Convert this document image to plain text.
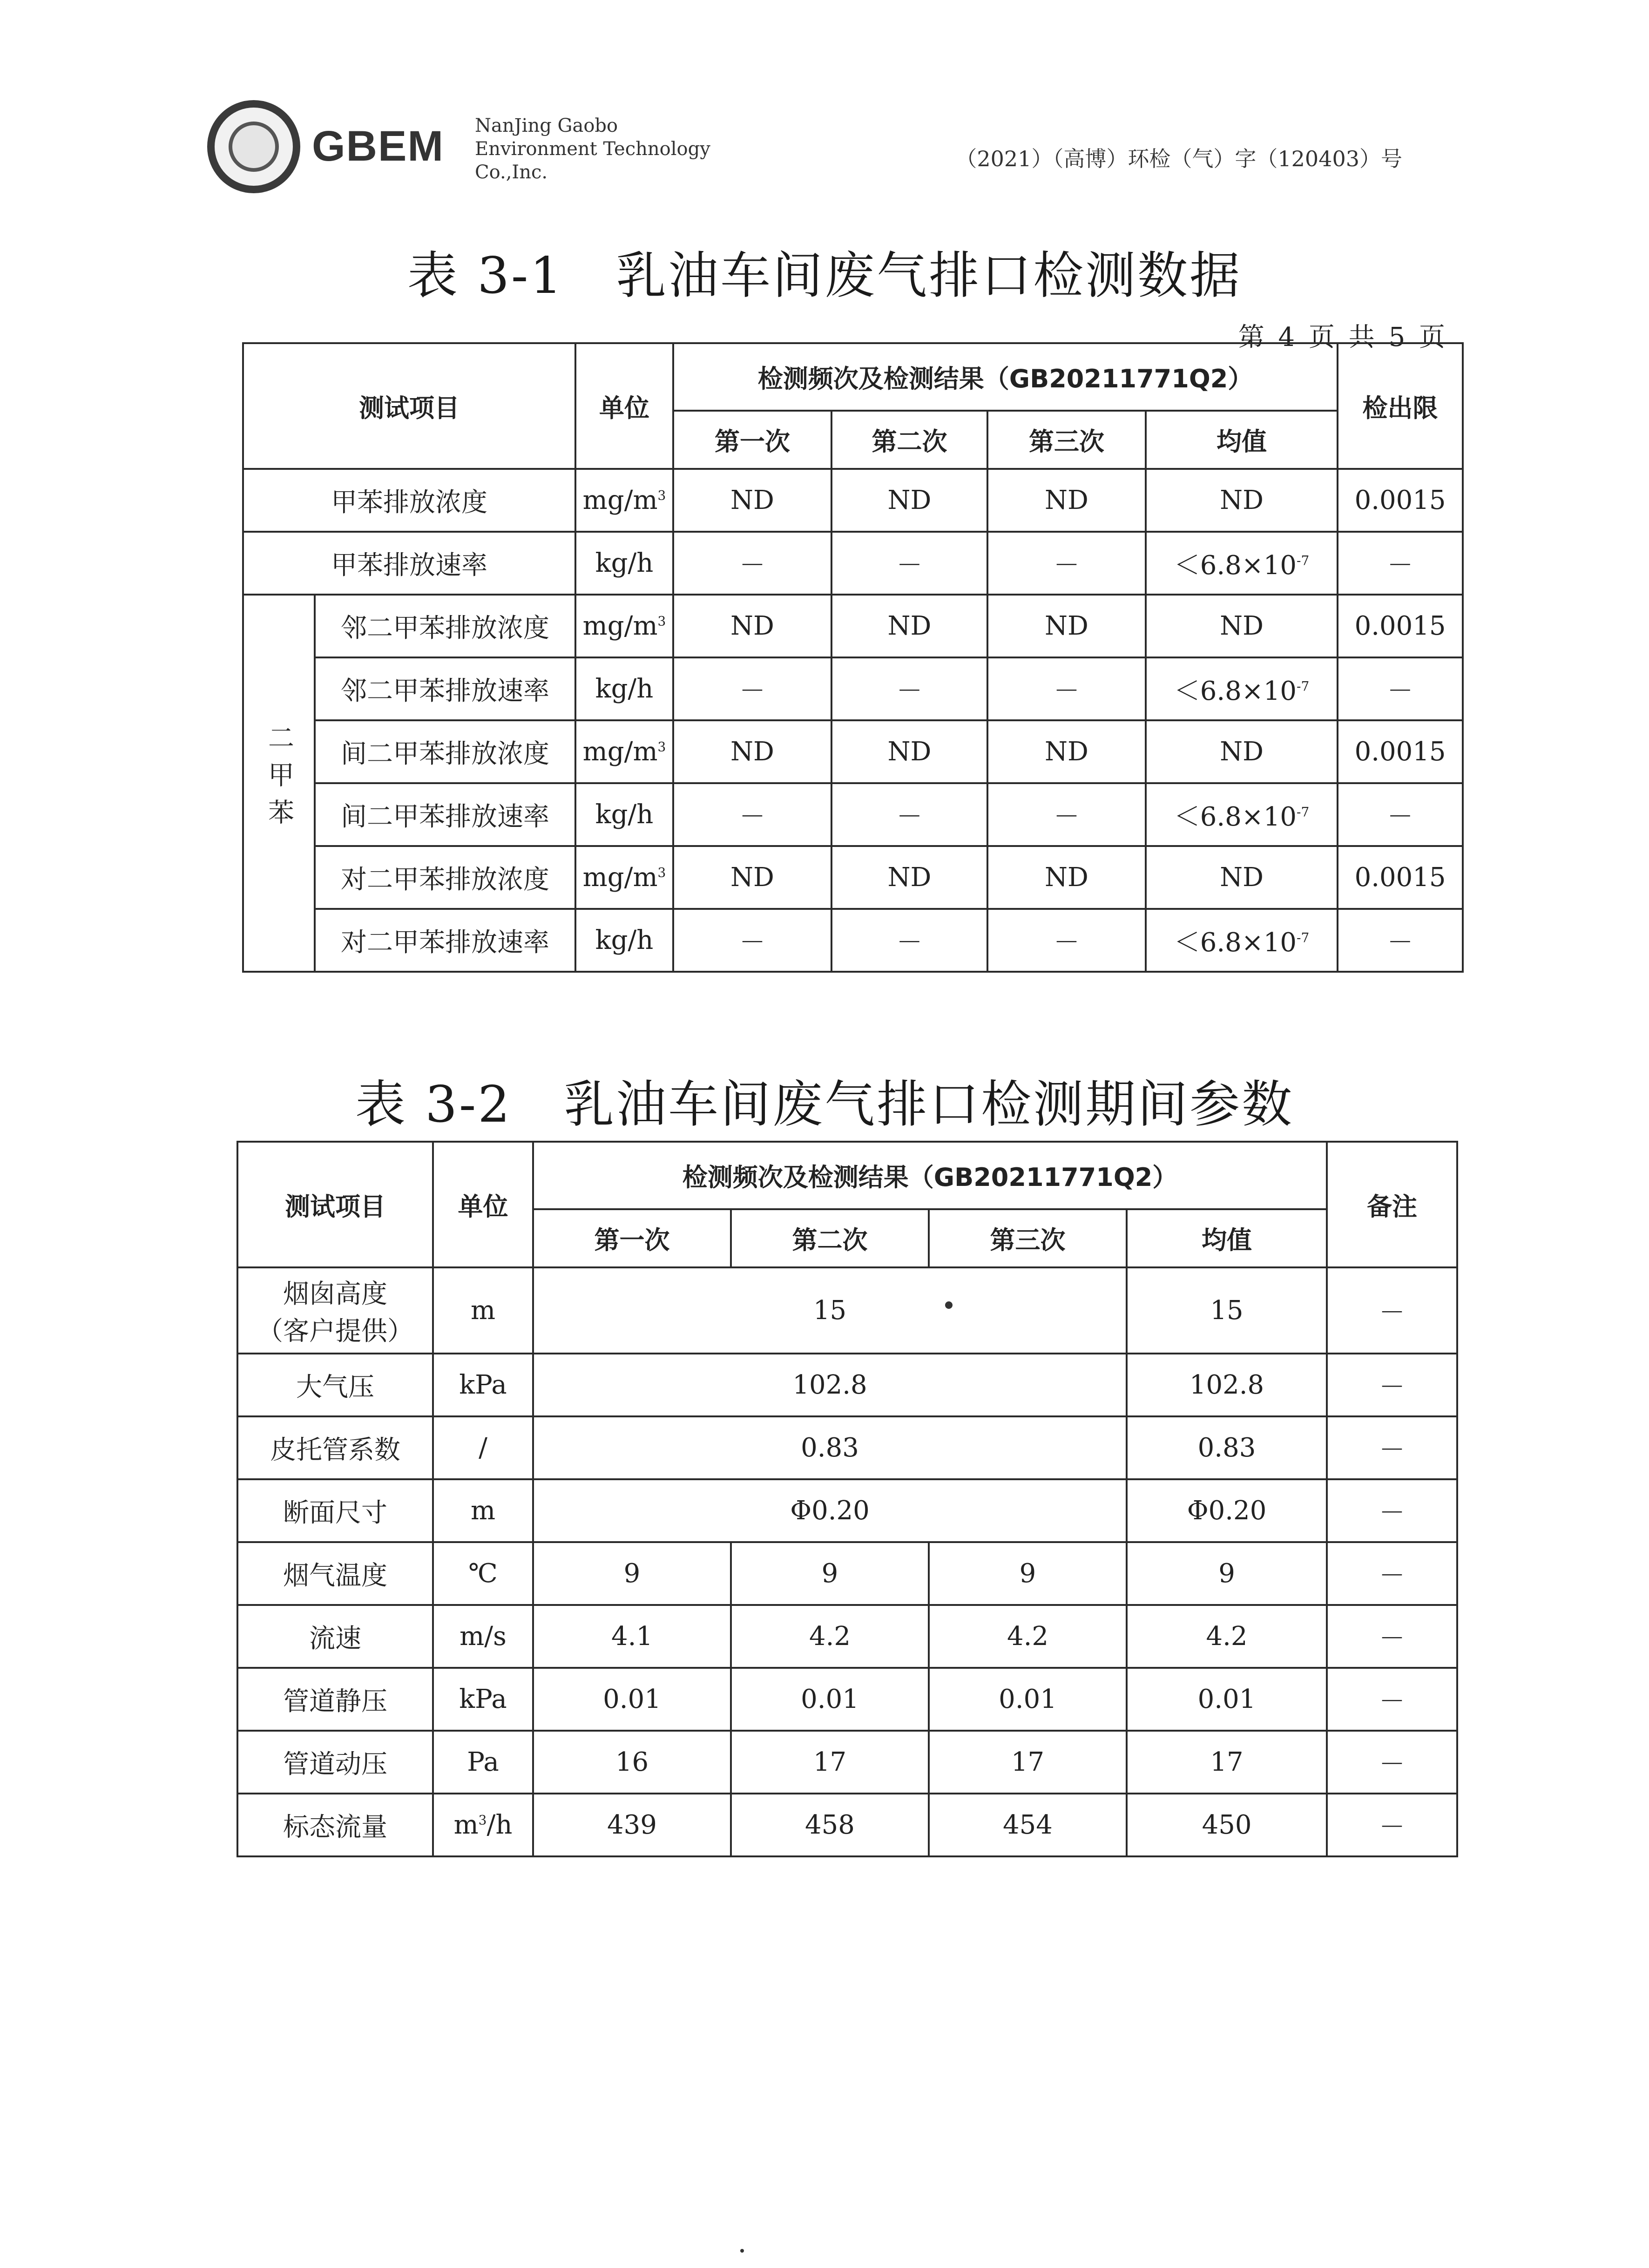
GBEM NanJing Gaobo
Environment Technology
Co.,Inc.
（2021）（高博）环检（气）字（120403）号
表 3-1　乳油车间废气排口检测数据
第 4 页 共 5 页
测试项目		单位	检测频次及检测结果（GB20211771Q2）				检出限
			第一次	第二次	第三次	均值	
甲苯排放浓度		$mg/m^3$	ND	ND	ND	ND	0.0015
甲苯排放速率		kg/h	－	－	－	$<6.8\times 10^{-7}$	－
二甲苯	邻二甲苯排放浓度	$mg/m^3$	ND	ND	ND	ND	0.0015
	邻二甲苯排放速率	kg/h	－	－	－	$<6.8\times 10^{-7}$	－
	间二甲苯排放浓度	$mg/m^3$	ND	ND	ND	ND	0.0015
	间二甲苯排放速率	kg/h	－	－	－	$<6.8\times 10^{-7}$	－
	对二甲苯排放浓度	$mg/m^3$	ND	ND	ND	ND	0.0015
	对二甲苯排放速率	kg/h	－	－	－	$<6.8\times 10^{-7}$	－
表 3-2　乳油车间废气排口检测期间参数
测试项目	单位	检测频次及检测结果（GB20211771Q2）				备注
		第一次	第二次	第三次	均值	

烟囱高度
（客户提供）	m	15			15	－
大气压	kPa	102.8			102.8	－
皮托管系数	/	0.83			0.83	－
断面尺寸	m	Φ0.20			Φ0.20	－
烟气温度	℃	9	9	9	9	－
流速	m/s	4.1	4.2	4.2	4.2	－
管道静压	kPa	0.01	0.01	0.01	0.01	－
管道动压	Pa	16	17	17	17	－
标态流量	$m^3/h$	439	458	454	450	－
